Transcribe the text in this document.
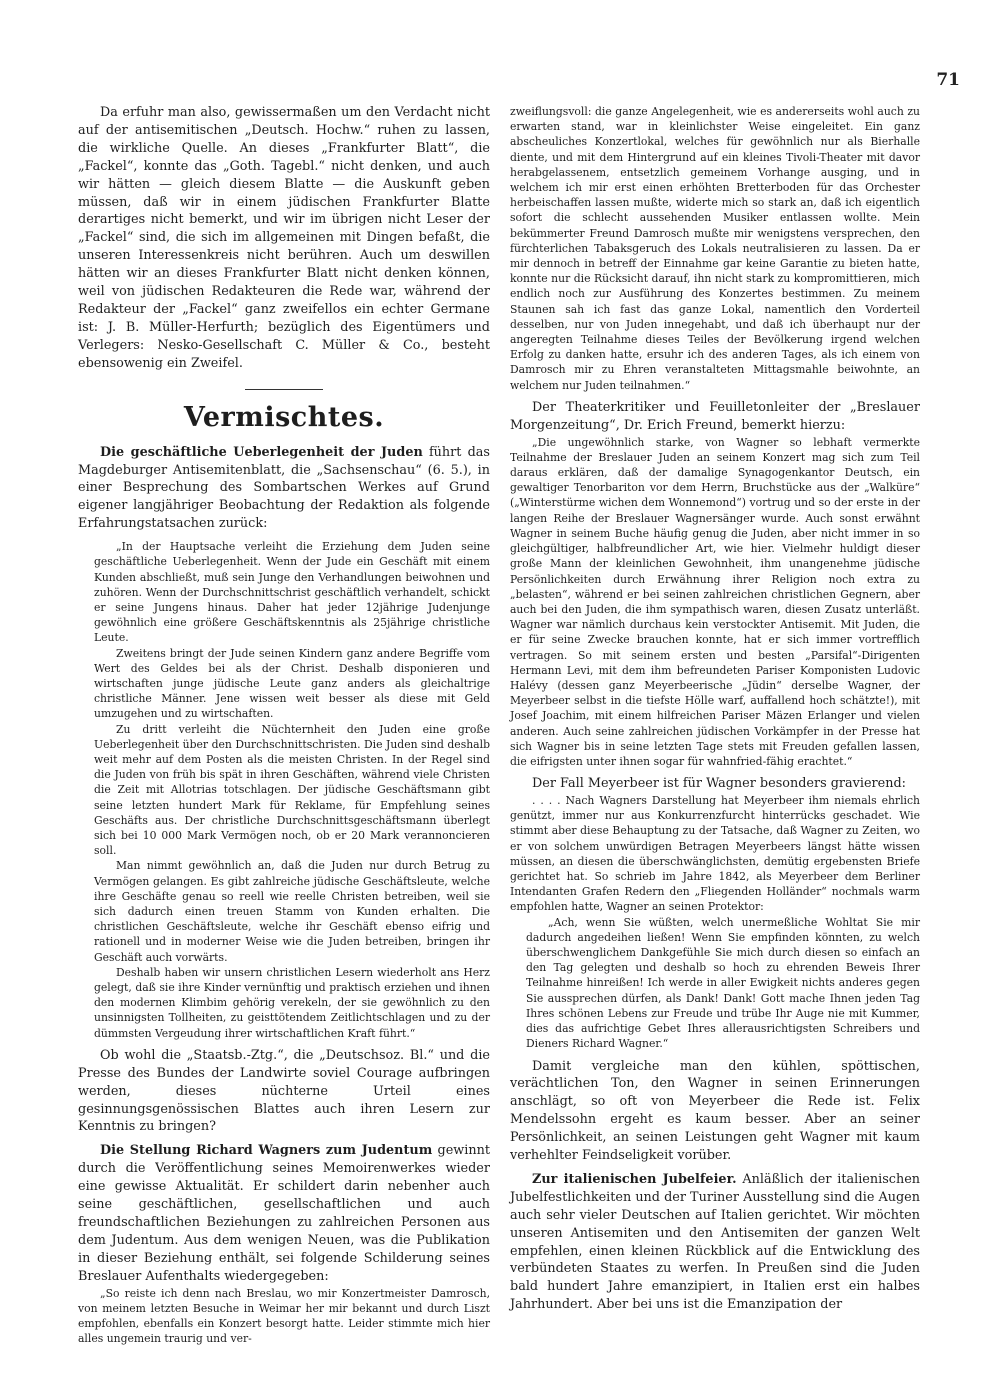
71

Da erfuhr man also, gewissermaßen um den Verdacht nicht auf der antisemitischen „Deutsch. Hochw.“ ruhen zu lassen, die wirkliche Quelle. An dieses „Frankfurter Blatt“, die „Fackel“, konnte das „Goth. Tagebl.“ nicht denken, und auch wir hätten — gleich diesem Blatte — die Auskunft geben müssen, daß wir in einem jüdischen Frankfurter Blatte derartiges nicht bemerkt, und wir im übrigen nicht Leser der „Fackel“ sind, die sich im allgemeinen mit Dingen befaßt, die unseren Interessenkreis nicht berühren. Auch um deswillen hätten wir an dieses Frankfurter Blatt nicht denken können, weil von jüdischen Redakteuren die Rede war, während der Redakteur der „Fackel“ ganz zweifellos ein echter Germane ist: J. B. Müller-Herfurth; bezüglich des Eigentümers und Verlegers: Nesko-Gesellschaft C. Müller & Co., besteht ebensowenig ein Zweifel.

Vermischtes.

Die geschäftliche Ueberlegenheit der Juden führt das Magdeburger Antisemitenblatt, die „Sachsenschau“ (6. 5.), in einer Besprechung des Sombartschen Werkes auf Grund eigener langjähriger Beobachtung der Redaktion als folgende Erfahrungstatsachen zurück:

„In der Hauptsache verleiht die Erziehung dem Juden seine geschäftliche Ueberlegenheit. Wenn der Jude ein Geschäft mit einem Kunden abschließt, muß sein Junge den Verhandlungen beiwohnen und zuhören. Wenn der Durchschnittschrist geschäftlich verhandelt, schickt er seine Jungens hinaus. Daher hat jeder 12jährige Judenjunge gewöhnlich eine größere Geschäftskenntnis als 25jährige christliche Leute.

Zweitens bringt der Jude seinen Kindern ganz andere Begriffe vom Wert des Geldes bei als der Christ. Deshalb disponieren und wirtschaften junge jüdische Leute ganz anders als gleichaltrige christliche Männer. Jene wissen weit besser als diese mit Geld umzugehen und zu wirtschaften.

Zu dritt verleiht die Nüchternheit den Juden eine große Ueberlegenheit über den Durchschnittschristen. Die Juden sind deshalb weit mehr auf dem Posten als die meisten Christen. In der Regel sind die Juden von früh bis spät in ihren Geschäften, während viele Christen die Zeit mit Allotrias totschlagen. Der jüdische Geschäftsmann gibt seine letzten hundert Mark für Reklame, für Empfehlung seines Geschäfts aus. Der christliche Durchschnittsgeschäftsmann überlegt sich bei 10 000 Mark Vermögen noch, ob er 20 Mark verannoncieren soll.

Man nimmt gewöhnlich an, daß die Juden nur durch Betrug zu Vermögen gelangen. Es gibt zahlreiche jüdische Geschäftsleute, welche ihre Geschäfte genau so reell wie reelle Christen betreiben, weil sie sich dadurch einen treuen Stamm von Kunden erhalten. Die christlichen Geschäftsleute, welche ihr Geschäft ebenso eifrig und rationell und in moderner Weise wie die Juden betreiben, bringen ihr Geschäft auch vorwärts.

Deshalb haben wir unsern christlichen Lesern wiederholt ans Herz gelegt, daß sie ihre Kinder vernünftig und praktisch erziehen und ihnen den modernen Klimbim gehörig verekeln, der sie gewöhnlich zu den unsinnigsten Tollheiten, zu geisttötendem Zeitlichtschlagen und zu der dümmsten Vergeudung ihrer wirtschaftlichen Kraft führt.“

Ob wohl die „Staatsb.-Ztg.“, die „Deutschsoz. Bl.“ und die Presse des Bundes der Landwirte soviel Courage aufbringen werden, dieses nüchterne Urteil eines gesinnungsgenössischen Blattes auch ihren Lesern zur Kenntnis zu bringen?

Die Stellung Richard Wagners zum Judentum gewinnt durch die Veröffentlichung seines Memoirenwerkes wieder eine gewisse Aktualität. Er schildert darin nebenher auch seine geschäftlichen, gesellschaftlichen und auch freundschaftlichen Beziehungen zu zahlreichen Personen aus dem Judentum. Aus dem wenigen Neuen, was die Publikation in dieser Beziehung enthält, sei folgende Schilderung seines Breslauer Aufenthalts wiedergegeben:

„So reiste ich denn nach Breslau, wo mir Konzertmeister Damrosch, von meinem letzten Besuche in Weimar her mir bekannt und durch Liszt empfohlen, ebenfalls ein Konzert besorgt hatte. Leider stimmte mich hier alles ungemein traurig und ver-

zweiflungsvoll: die ganze Angelegenheit, wie es andererseits wohl auch zu erwarten stand, war in kleinlichster Weise eingeleitet. Ein ganz abscheuliches Konzertlokal, welches für gewöhnlich nur als Bierhalle diente, und mit dem Hintergrund auf ein kleines Tivoli-Theater mit davor herabgelassenem, entsetzlich gemeinem Vorhange ausging, und in welchem ich mir erst einen erhöhten Bretterboden für das Orchester herbeischaffen lassen mußte, widerte mich so stark an, daß ich eigentlich sofort die schlecht aussehenden Musiker entlassen wollte. Mein bekümmerter Freund Damrosch mußte mir wenigstens versprechen, den fürchterlichen Tabaksgeruch des Lokals neutralisieren zu lassen. Da er mir dennoch in betreff der Einnahme gar keine Garantie zu bieten hatte, konnte nur die Rücksicht darauf, ihn nicht stark zu kompromittieren, mich endlich noch zur Ausführung des Konzertes bestimmen. Zu meinem Staunen sah ich fast das ganze Lokal, namentlich den Vorderteil desselben, nur von Juden innegehabt, und daß ich überhaupt nur der angeregten Teilnahme dieses Teiles der Bevölkerung irgend welchen Erfolg zu danken hatte, ersuhr ich des anderen Tages, als ich einem von Damrosch mir zu Ehren veranstalteten Mittagsmahle beiwohnte, an welchem nur Juden teilnahmen.“

Der Theaterkritiker und Feuilletonleiter der „Breslauer Morgenzeitung“, Dr. Erich Freund, bemerkt hierzu:

„Die ungewöhnlich starke, von Wagner so lebhaft vermerkte Teilnahme der Breslauer Juden an seinem Konzert mag sich zum Teil daraus erklären, daß der damalige Synagogenkantor Deutsch, ein gewaltiger Tenorbariton vor dem Herrn, Bruchstücke aus der „Walküre“ („Winterstürme wichen dem Wonnemond“) vortrug und so der erste in der langen Reihe der Breslauer Wagnersänger wurde. Auch sonst erwähnt Wagner in seinem Buche häufig genug die Juden, aber nicht immer in so gleichgültiger, halbfreundlicher Art, wie hier. Vielmehr huldigt dieser große Mann der kleinlichen Gewohnheit, ihm unangenehme jüdische Persönlichkeiten durch Erwähnung ihrer Religion noch extra zu „belasten“, während er bei seinen zahlreichen christlichen Gegnern, aber auch bei den Juden, die ihm sympathisch waren, diesen Zusatz unterläßt. Wagner war nämlich durchaus kein verstockter Antisemit. Mit Juden, die er für seine Zwecke brauchen konnte, hat er sich immer vortrefflich vertragen. So mit seinem ersten und besten „Parsifal“-Dirigenten Hermann Levi, mit dem ihm befreundeten Pariser Komponisten Ludovic Halévy (dessen ganz Meyerbeerische „Jüdin“ derselbe Wagner, der Meyerbeer selbst in die tiefste Hölle warf, auffallend hoch schätzte!), mit Josef Joachim, mit einem hilfreichen Pariser Mäzen Erlanger und vielen anderen. Auch seine zahlreichen jüdischen Vorkämpfer in der Presse hat sich Wagner bis in seine letzten Tage stets mit Freuden gefallen lassen, die eifrigsten unter ihnen sogar für wahnfried-fähig erachtet.“

Der Fall Meyerbeer ist für Wagner besonders gravierend:

. . . . Nach Wagners Darstellung hat Meyerbeer ihm niemals ehrlich genützt, immer nur aus Konkurrenzfurcht hinterrücks geschadet. Wie stimmt aber diese Behauptung zu der Tatsache, daß Wagner zu Zeiten, wo er von solchem unwürdigen Betragen Meyerbeers längst hätte wissen müssen, an diesen die überschwänglichsten, demütig ergebensten Briefe gerichtet hat. So schrieb im Jahre 1842, als Meyerbeer dem Berliner Intendanten Grafen Redern den „Fliegenden Holländer“ nochmals warm empfohlen hatte, Wagner an seinen Protektor:

„Ach, wenn Sie wüßten, welch unermeßliche Wohltat Sie mir dadurch angedeihen ließen! Wenn Sie empfinden könnten, zu welch überschwenglichem Dankgefühle Sie mich durch diesen so einfach an den Tag gelegten und deshalb so hoch zu ehrenden Beweis Ihrer Teilnahme hinreißen! Ich werde in aller Ewigkeit nichts anderes gegen Sie aussprechen dürfen, als Dank! Dank! Gott mache Ihnen jeden Tag Ihres schönen Lebens zur Freude und trübe Ihr Auge nie mit Kummer, dies das aufrichtige Gebet Ihres allerausrichtigsten Schreibers und Dieners Richard Wagner.“

Damit vergleiche man den kühlen, spöttischen, verächtlichen Ton, den Wagner in seinen Erinnerungen anschlägt, so oft von Meyerbeer die Rede ist. Felix Mendelssohn ergeht es kaum besser. Aber an seiner Persönlichkeit, an seinen Leistungen geht Wagner mit kaum verhehlter Feindseligkeit vorüber.

Zur italienischen Jubelfeier. Anläßlich der italienischen Jubelfestlichkeiten und der Turiner Ausstellung sind die Augen auch sehr vieler Deutschen auf Italien gerichtet. Wir möchten unseren Antisemiten und den Antisemiten der ganzen Welt empfehlen, einen kleinen Rückblick auf die Entwicklung des verbündeten Staates zu werfen. In Preußen sind die Juden bald hundert Jahre emanzipiert, in Italien erst ein halbes Jahrhundert. Aber bei uns ist die Emanzipation der
